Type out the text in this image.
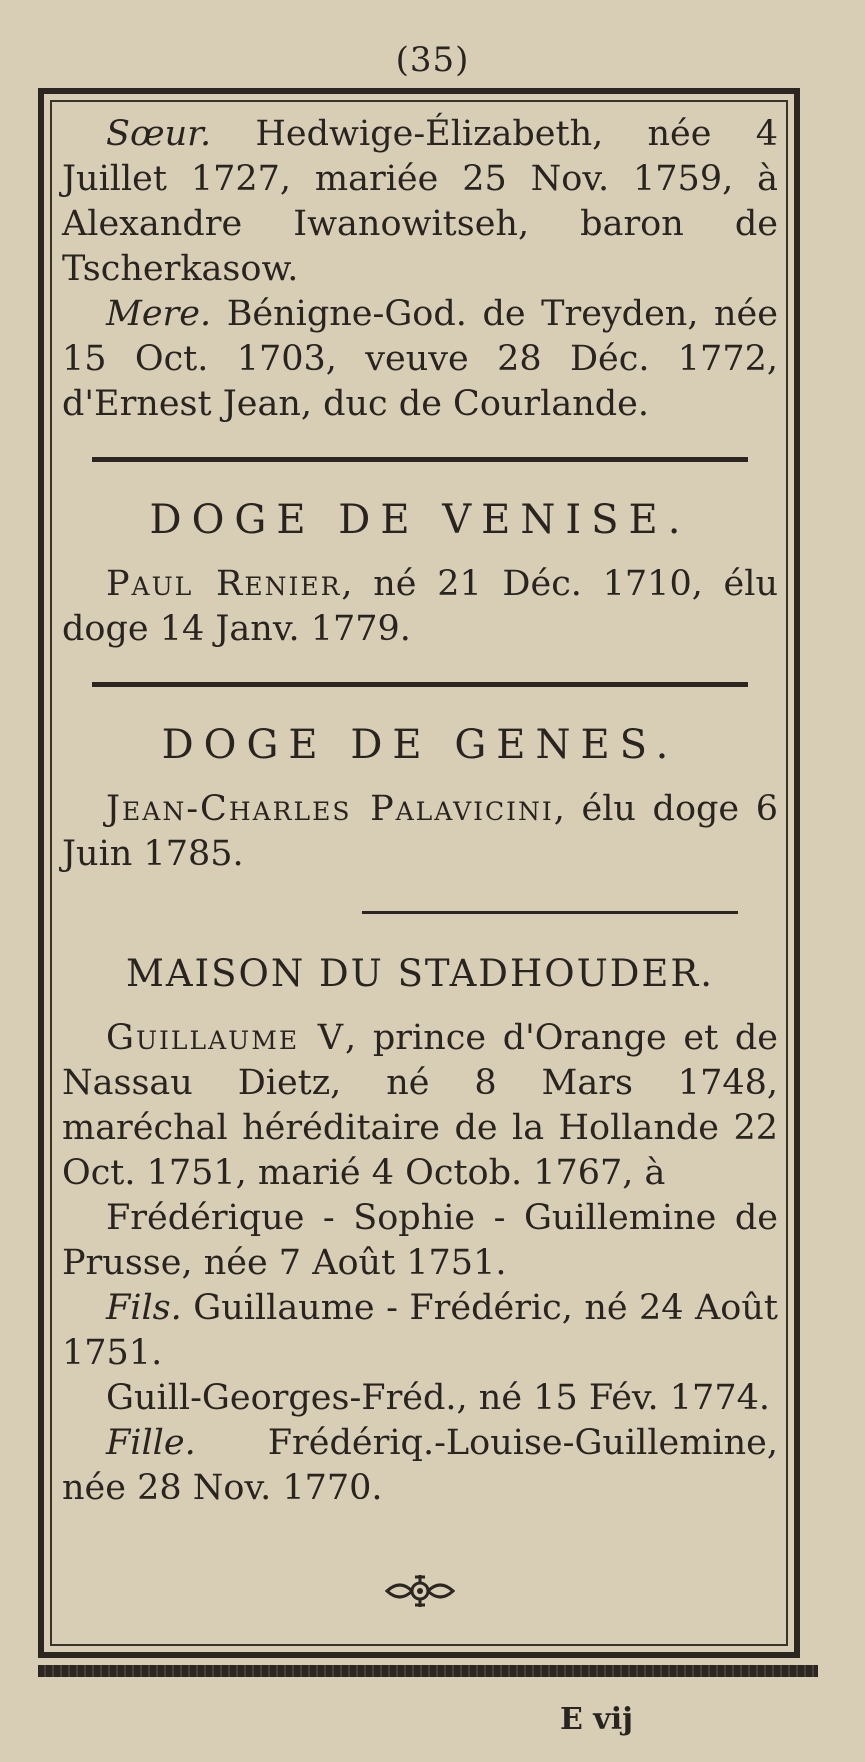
(35)

Sœur. Hedwige-Élizabeth, née 4 Juillet 1727, mariée 25 Nov. 1759, à Alexandre Iwanowitseh, baron de Tscherkasow.

Mere. Bénigne-God. de Treyden, née 15 Oct. 1703, veuve 28 Déc. 1772, d'Ernest Jean, duc de Courlande.

DOGE DE VENISE.

Paul Renier, né 21 Déc. 1710, élu doge 14 Janv. 1779.

DOGE DE GENES.

Jean-Charles Palavicini, élu doge 6 Juin 1785.

MAISON DU STADHOUDER.

Guillaume V, prince d'Orange et de Nassau Dietz, né 8 Mars 1748, maréchal héréditaire de la Hollande 22 Oct. 1751, marié 4 Octob. 1767, à

Frédérique - Sophie - Guillemine de Prusse, née 7 Août 1751.

Fils. Guillaume - Frédéric, né 24 Août 1751.

Guill-Georges-Fréd., né 15 Fév. 1774.

Fille. Frédériq.-Louise-Guillemine, née 28 Nov. 1770.

E vij
